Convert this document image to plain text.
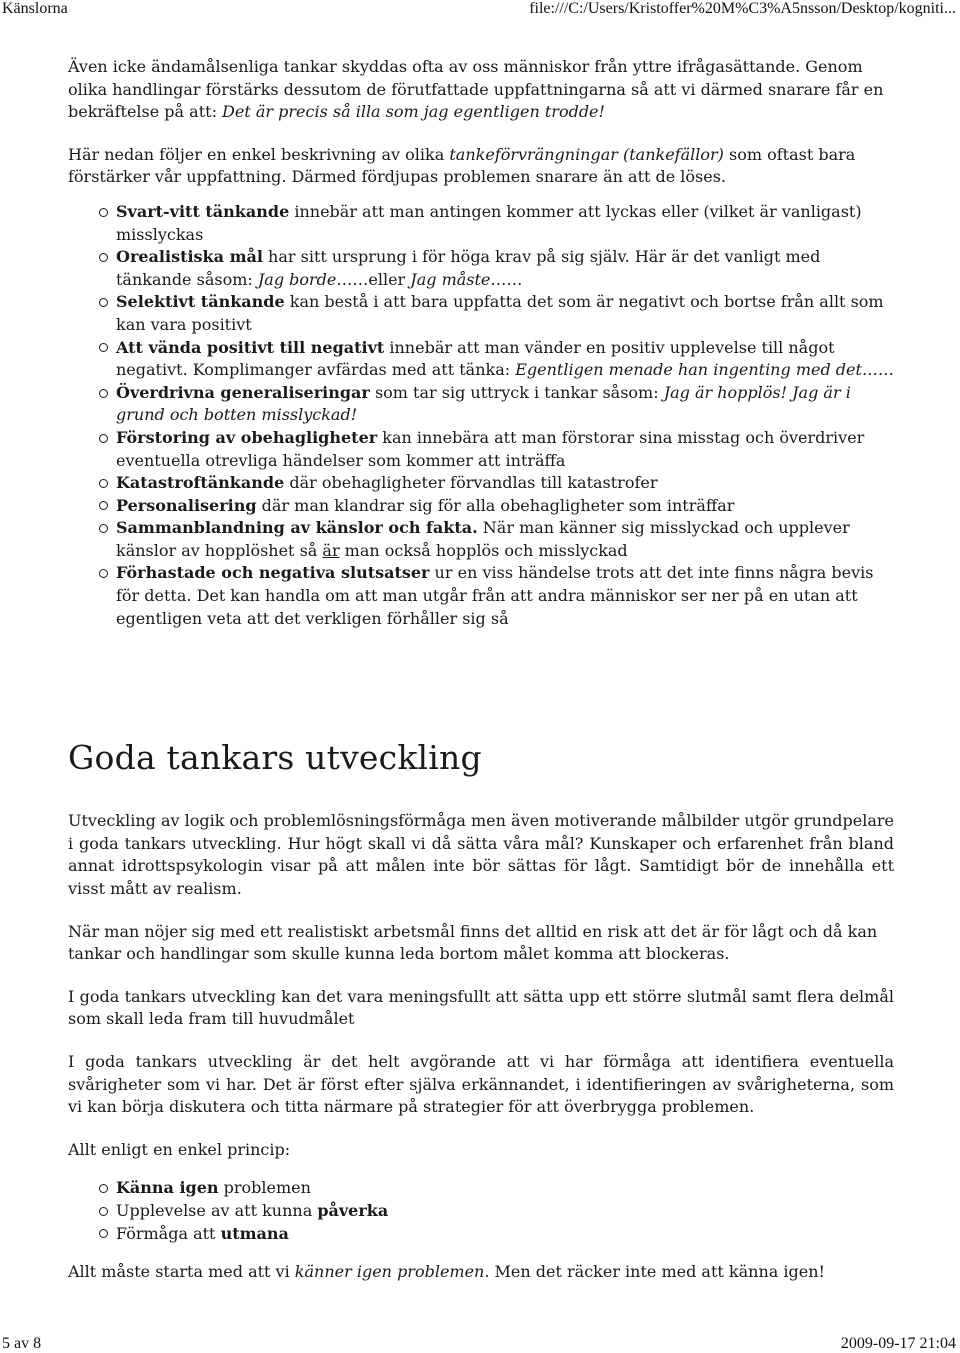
Känslorna	file:///C:/Users/Kristoffer%20M%C3%A5nsson/Desktop/kogniti...

Även icke ändamålsenliga tankar skyddas ofta av oss människor från yttre ifrågasättande. Genom olika handlingar förstärks dessutom de förutfattade uppfattningarna så att vi därmed snarare får en bekräftelse på att: Det är precis så illa som jag egentligen trodde!

Här nedan följer en enkel beskrivning av olika tankeförvrängningar (tankefällor) som oftast bara förstärker vår uppfattning. Därmed fördjupas problemen snarare än att de löses.

Svart-vitt tänkande innebär att man antingen kommer att lyckas eller (vilket är vanligast) misslyckas
Orealistiska mål har sitt ursprung i för höga krav på sig själv. Här är det vanligt med tänkande såsom: Jag borde……eller Jag måste……
Selektivt tänkande kan bestå i att bara uppfatta det som är negativt och bortse från allt som kan vara positivt
Att vända positivt till negativt innebär att man vänder en positiv upplevelse till något negativt. Komplimanger avfärdas med att tänka: Egentligen menade han ingenting med det……
Överdrivna generaliseringar som tar sig uttryck i tankar såsom: Jag är hopplös! Jag är i grund och botten misslyckad!
Förstoring av obehagligheter kan innebära att man förstorar sina misstag och överdriver eventuella otrevliga händelser som kommer att inträffa
Katastroftänkande där obehagligheter förvandlas till katastrofer
Personalisering där man klandrar sig för alla obehagligheter som inträffar
Sammanblandning av känslor och fakta. När man känner sig misslyckad och upplever känslor av hopplöshet så är man också hopplös och misslyckad
Förhastade och negativa slutsatser ur en viss händelse trots att det inte finns några bevis för detta. Det kan handla om att man utgår från att andra människor ser ner på en utan att egentligen veta att det verkligen förhåller sig så
Goda tankars utveckling

Utveckling av logik och problemlösningsförmåga men även motiverande målbilder utgör grundpelare i goda tankars utveckling. Hur högt skall vi då sätta våra mål? Kunskaper och erfarenhet från bland annat idrottspsykologin visar på att målen inte bör sättas för lågt. Samtidigt bör de innehålla ett visst mått av realism.

När man nöjer sig med ett realistiskt arbetsmål finns det alltid en risk att det är för lågt och då kan tankar och handlingar som skulle kunna leda bortom målet komma att blockeras.

I goda tankars utveckling kan det vara meningsfullt att sätta upp ett större slutmål samt flera delmål som skall leda fram till huvudmålet

I goda tankars utveckling är det helt avgörande att vi har förmåga att identifiera eventuella svårigheter som vi har. Det är först efter själva erkännandet, i identifieringen av svårigheterna, som vi kan börja diskutera och titta närmare på strategier för att överbrygga problemen.

Allt enligt en enkel princip:

Känna igen problemen
Upplevelse av att kunna påverka
Förmåga att utmana

Allt måste starta med att vi känner igen problemen. Men det räcker inte med att känna igen!

5 av 8	2009-09-17 21:04
